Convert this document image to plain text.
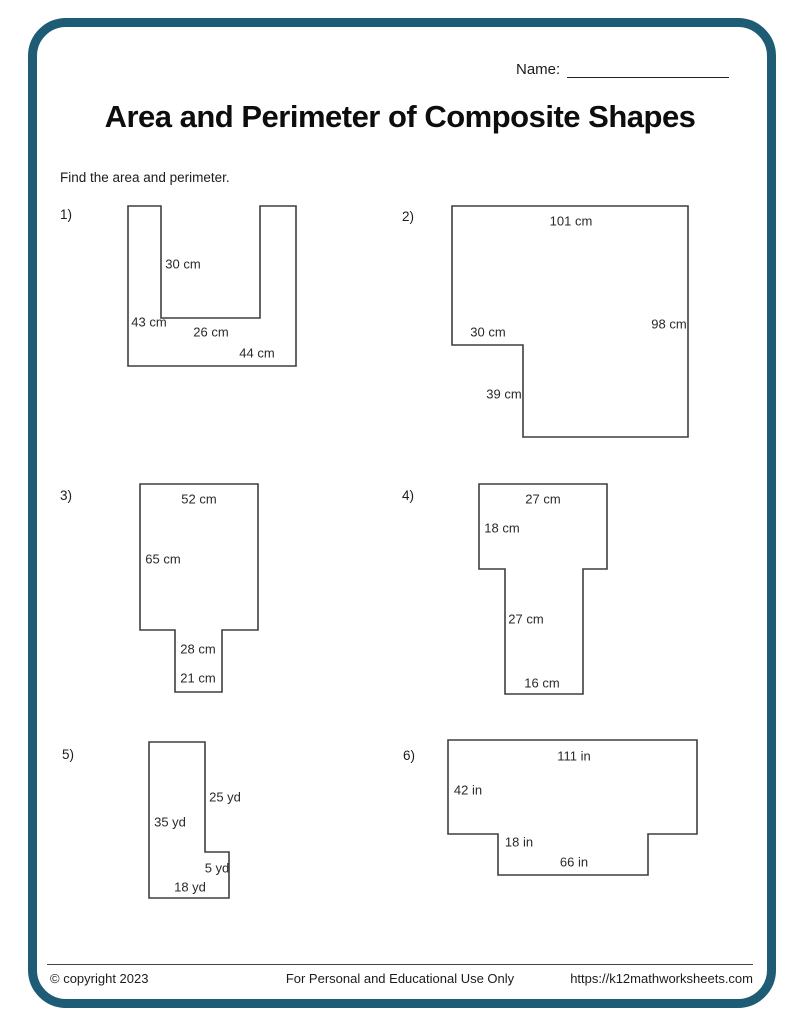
Name:
Area and Perimeter of Composite Shapes
Find the area and perimeter.
1)
30 cm
43 cm
26 cm
44 cm
2)	101 cm
98 cm
30 cm
39 cm
3)	52 cm
65 cm
28 cm
21 cm
4)	27 cm
18 cm
27 cm
16 cm
5)
25 yd
35 yd
5 yd
18 yd
6)	111 in
42 in
18 in
66 in
© copyright 2023	For Personal and Educational Use Only	https://k12mathworksheets.com
